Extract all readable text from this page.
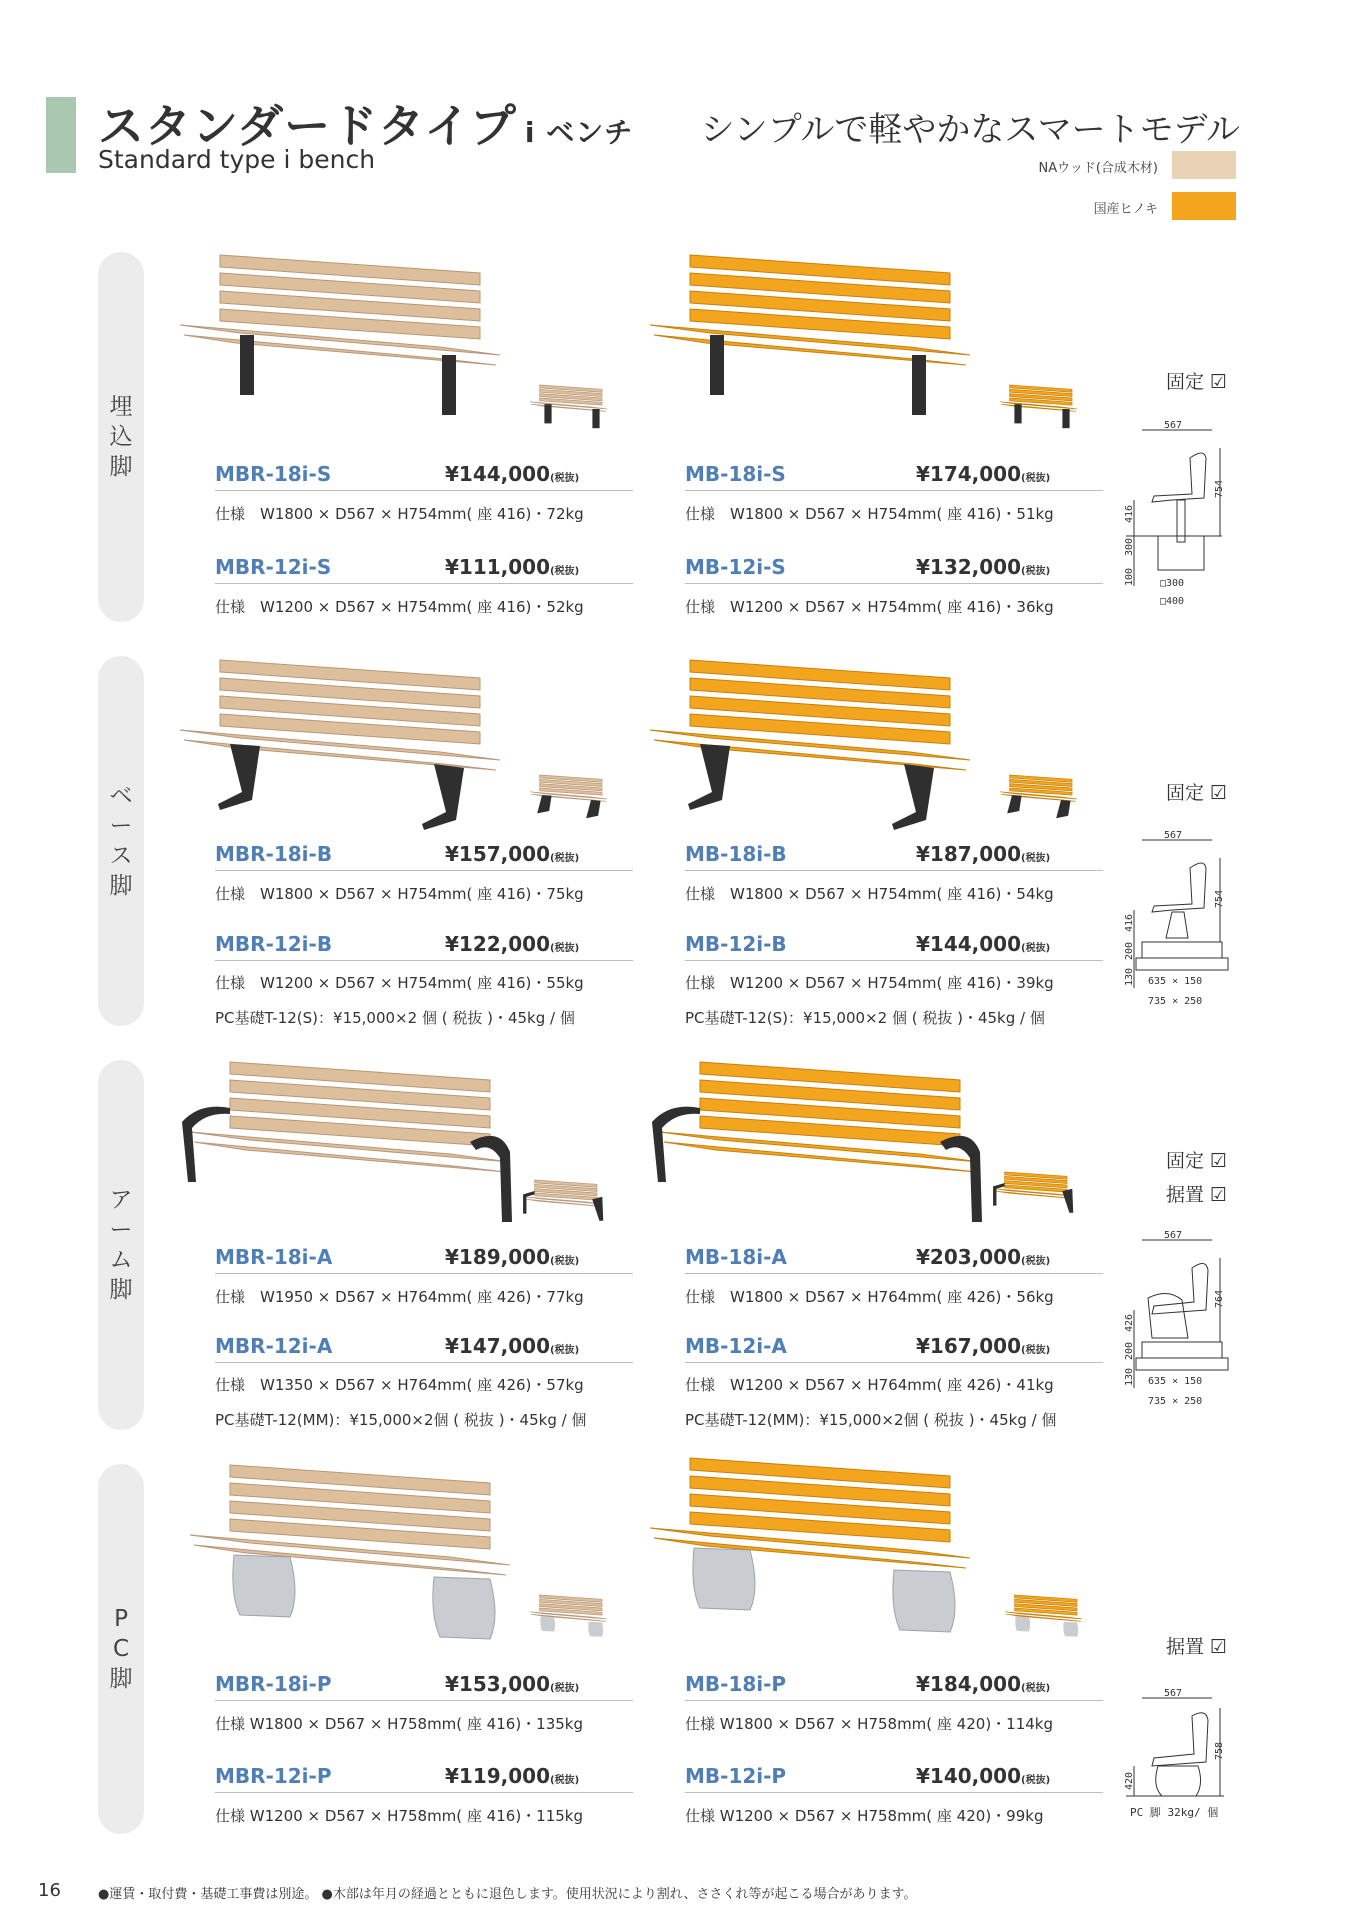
スタンダードタイプ i ベンチ
Standard type i bench
シンプルで軽やかなスマートモデル
NAウッド(合成木材)
国産ヒノキ
埋
込
脚
ベ
ー
ス
脚
ア
ー
ム
脚
P
C
脚
MBR-18i-S	¥144,000(税抜)
仕様　W1800 × D567 × H754mm( 座 416)・72kg
MBR-12i-S	¥111,000(税抜)
仕様　W1200 × D567 × H754mm( 座 416)・52kg
MB-18i-S	¥174,000(税抜)
仕様　W1800 × D567 × H754mm( 座 416)・51kg
MB-12i-S	¥132,000(税抜)
仕様　W1200 × D567 × H754mm( 座 416)・36kg
MBR-18i-B	¥157,000(税抜)
仕様　W1800 × D567 × H754mm( 座 416)・75kg
MBR-12i-B	¥122,000(税抜)
仕様　W1200 × D567 × H754mm( 座 416)・55kg
PC基礎T-12(S)：¥15,000×2 個 ( 税抜 )・45kg / 個
MB-18i-B	¥187,000(税抜)
仕様　W1800 × D567 × H754mm( 座 416)・54kg
MB-12i-B	¥144,000(税抜)
仕様　W1200 × D567 × H754mm( 座 416)・39kg
PC基礎T-12(S)：¥15,000×2 個 ( 税抜 )・45kg / 個
MBR-18i-A	¥189,000(税抜)
仕様　W1950 × D567 × H764mm( 座 426)・77kg
MBR-12i-A	¥147,000(税抜)
仕様　W1350 × D567 × H764mm( 座 426)・57kg
PC基礎T-12(MM)：¥15,000×2個 ( 税抜 )・45kg / 個
MB-18i-A	¥203,000(税抜)
仕様　W1800 × D567 × H764mm( 座 426)・56kg
MB-12i-A	¥167,000(税抜)
仕様　W1200 × D567 × H764mm( 座 426)・41kg
PC基礎T-12(MM)：¥15,000×2個 ( 税抜 )・45kg / 個
MBR-18i-P	¥153,000(税抜)
仕様 W1800 × D567 × H758mm( 座 416)・135kg
MBR-12i-P	¥119,000(税抜)
仕様 W1200 × D567 × H758mm( 座 416)・115kg
MB-18i-P	¥184,000(税抜)
仕様 W1800 × D567 × H758mm( 座 420)・114kg
MB-12i-P	¥140,000(税抜)
仕様 W1200 × D567 × H758mm( 座 420)・99kg
固定 ☑
固定 ☑
固定 ☑
据置 ☑
据置 ☑
567
754
416
300
100	□300
□400
567
754
416
200
130 635 × 150
735 × 250
567
764
426
200
130 635 × 150
735 × 250
567
758
420
PC 脚 32kg/ 個
16	●運賃・取付費・基礎工事費は別途。 ●木部は年月の経過とともに退色します。使用状況により割れ、ささくれ等が起こる場合があります。
